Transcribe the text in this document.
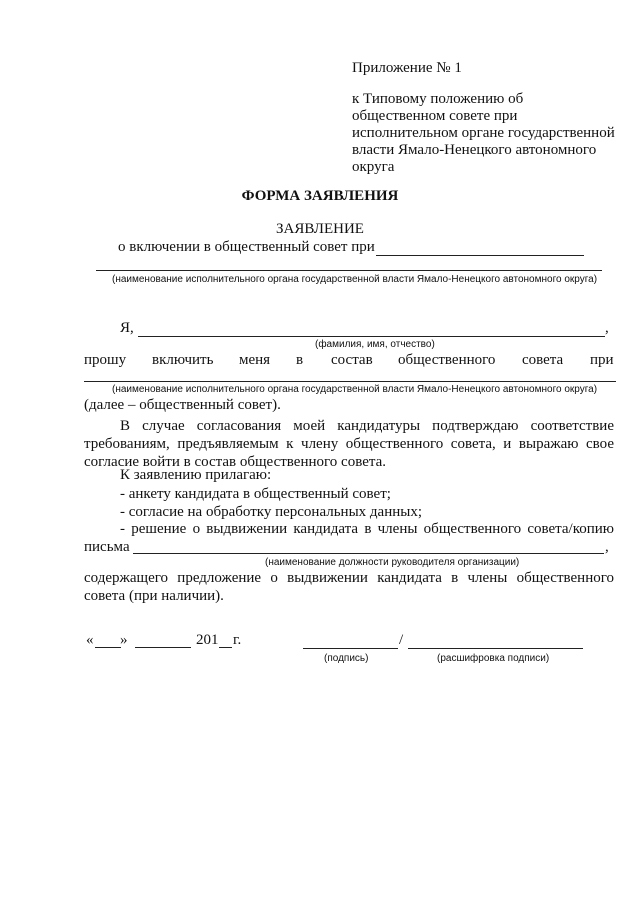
Приложение № 1
к Типовому положению об
общественном совете при
исполнительном органе государственной
власти Ямало-Ненецкого автономного
округа
ФОРМА ЗАЯВЛЕНИЯ
ЗАЯВЛЕНИЕ
о включении в общественный совет при
(наименование исполнительного органа государственной власти Ямало-Ненецкого автономного округа)
Я,	,
(фамилия, имя, отчество)
прошу включить меня в состав общественного совета при
(наименование исполнительного органа государственной власти Ямало-Ненецкого автономного округа)
(далее – общественный совет).
В случае согласования моей кандидатуры подтверждаю соответствие
требованиям, предъявляемым к члену общественного совета, и выражаю свое
согласие войти в состав общественного совета.
К заявлению прилагаю:
- анкету кандидата в общественный совет;
- согласие на обработку персональных данных;
- решение о выдвижении кандидата в члены общественного совета/копию
письма	,
(наименование должности руководителя организации)
содержащего предложение о выдвижении кандидата в члены общественного
совета (при наличии).
« »	201 г.	/
(подпись)	(расшифровка подписи)
